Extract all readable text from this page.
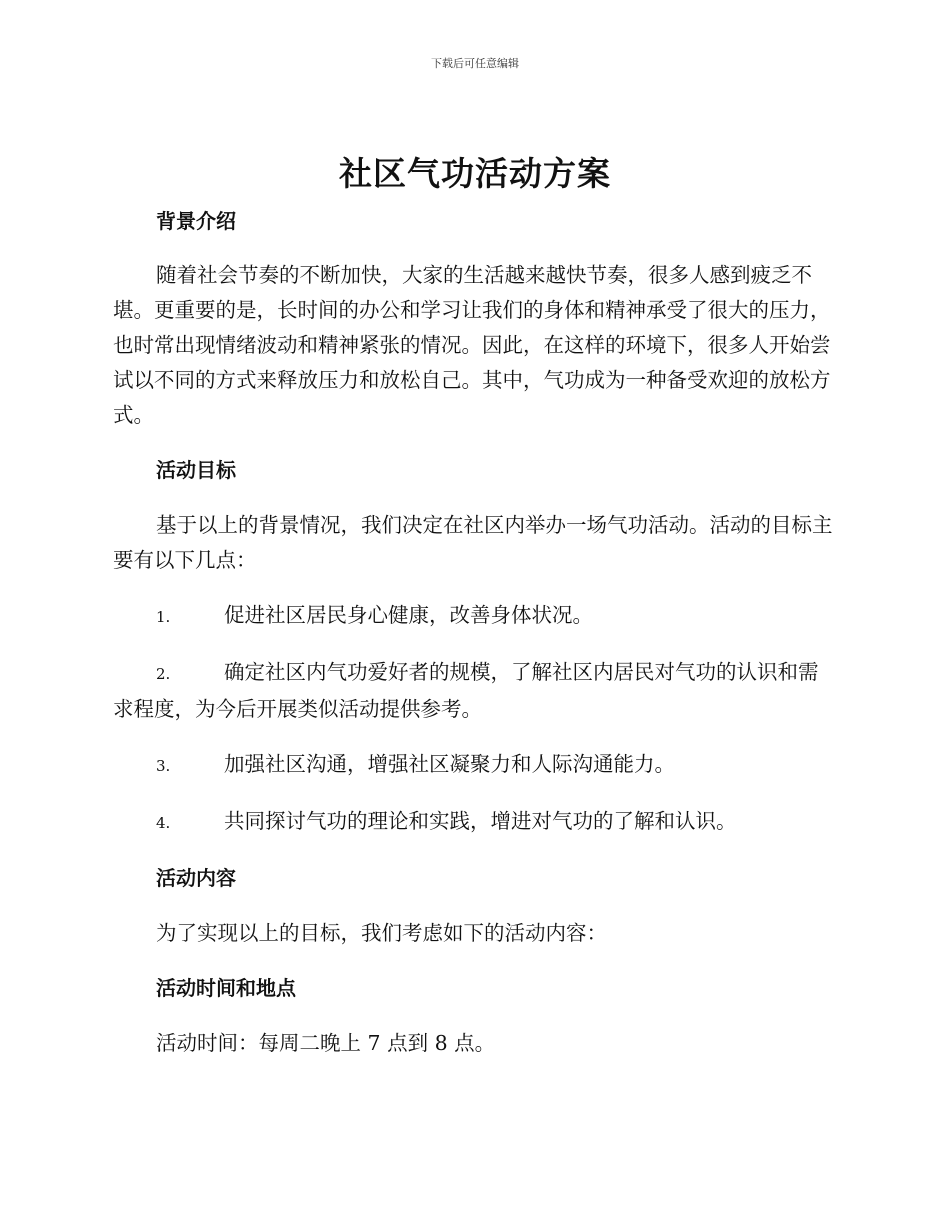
下载后可任意编辑
社区气功活动方案

背景介绍

随着社会节奏的不断加快，大家的生活越来越快节奏，很多人感到疲乏不堪。更重要的是，长时间的办公和学习让我们的身体和精神承受了很大的压力，也时常出现情绪波动和精神紧张的情况。因此，在这样的环境下，很多人开始尝试以不同的方式来释放压力和放松自己。其中，气功成为一种备受欢迎的放松方式。

活动目标

基于以上的背景情况，我们决定在社区内举办一场气功活动。活动的目标主要有以下几点：

1.	促进社区居民身心健康，改善身体状况。

2.	确定社区内气功爱好者的规模，了解社区内居民对气功的认识和需求程度，为今后开展类似活动提供参考。

3.	加强社区沟通，增强社区凝聚力和人际沟通能力。

4.	共同探讨气功的理论和实践，增进对气功的了解和认识。

活动内容

为了实现以上的目标，我们考虑如下的活动内容：

活动时间和地点

活动时间：每周二晚上 7 点到 8 点。
